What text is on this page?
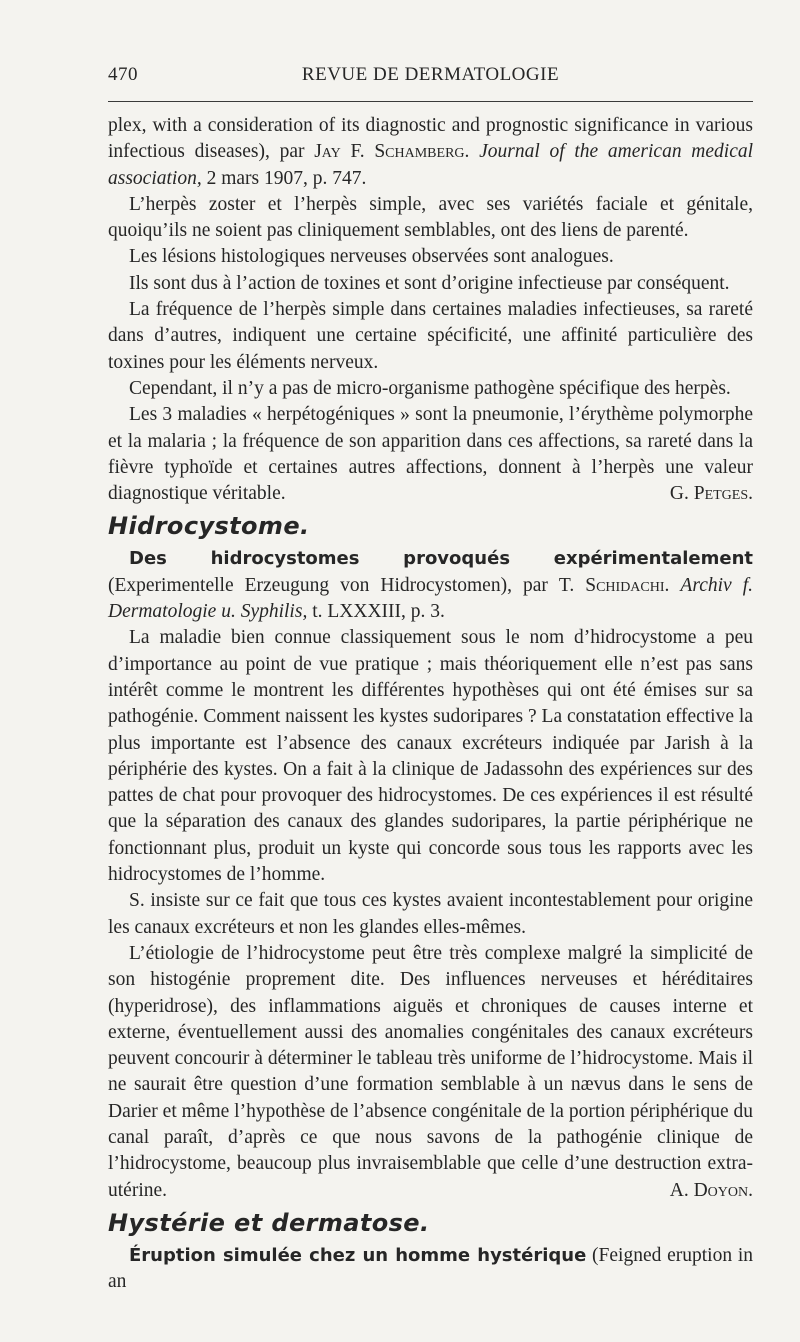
470	REVUE DE DERMATOLOGIE

plex, with a consideration of its diagnostic and prognostic significance in various infectious diseases), par Jay F. Schamberg. Journal of the american medical association, 2 mars 1907, p. 747.

L’herpès zoster et l’herpès simple, avec ses variétés faciale et génitale, quoiqu’ils ne soient pas cliniquement semblables, ont des liens de parenté.

Les lésions histologiques nerveuses observées sont analogues.

Ils sont dus à l’action de toxines et sont d’origine infectieuse par conséquent.

La fréquence de l’herpès simple dans certaines maladies infectieuses, sa rareté dans d’autres, indiquent une certaine spécificité, une affinité particulière des toxines pour les éléments nerveux.

Cependant, il n’y a pas de micro-organisme pathogène spécifique des herpès.

Les 3 maladies « herpétogéniques » sont la pneumonie, l’érythème polymorphe et la malaria ; la fréquence de son apparition dans ces affections, sa rareté dans la fièvre typhoïde et certaines autres affections, donnent à l’herpès une valeur diagnostique véritable.	G. Petges.

Hidrocystome.

Des hidrocystomes provoqués expérimentalement (Experimentelle Erzeugung von Hidrocystomen), par T. Schidachi. Archiv f. Dermatologie u. Syphilis, t. LXXXIII, p. 3.

La maladie bien connue classiquement sous le nom d’hidrocystome a peu d’importance au point de vue pratique ; mais théoriquement elle n’est pas sans intérêt comme le montrent les différentes hypothèses qui ont été émises sur sa pathogénie. Comment naissent les kystes sudoripares ? La constatation effective la plus importante est l’absence des canaux excréteurs indiquée par Jarish à la périphérie des kystes. On a fait à la clinique de Jadassohn des expériences sur des pattes de chat pour provoquer des hidrocystomes. De ces expériences il est résulté que la séparation des canaux des glandes sudoripares, la partie périphérique ne fonctionnant plus, produit un kyste qui concorde sous tous les rapports avec les hidrocystomes de l’homme.

S. insiste sur ce fait que tous ces kystes avaient incontestablement pour origine les canaux excréteurs et non les glandes elles-mêmes.

L’étiologie de l’hidrocystome peut être très complexe malgré la simplicité de son histogénie proprement dite. Des influences nerveuses et héréditaires (hyperidrose), des inflammations aiguës et chroniques de causes interne et externe, éventuellement aussi des anomalies congénitales des canaux excréteurs peuvent concourir à déterminer le tableau très uniforme de l’hidrocystome. Mais il ne saurait être question d’une formation semblable à un nævus dans le sens de Darier et même l’hypothèse de l’absence congénitale de la portion périphérique du canal paraît, d’après ce que nous savons de la pathogénie clinique de l’hidrocystome, beaucoup plus invraisemblable que celle d’une destruction extra-utérine.	A. Doyon.

Hystérie et dermatose.

Éruption simulée chez un homme hystérique (Feigned eruption in an
